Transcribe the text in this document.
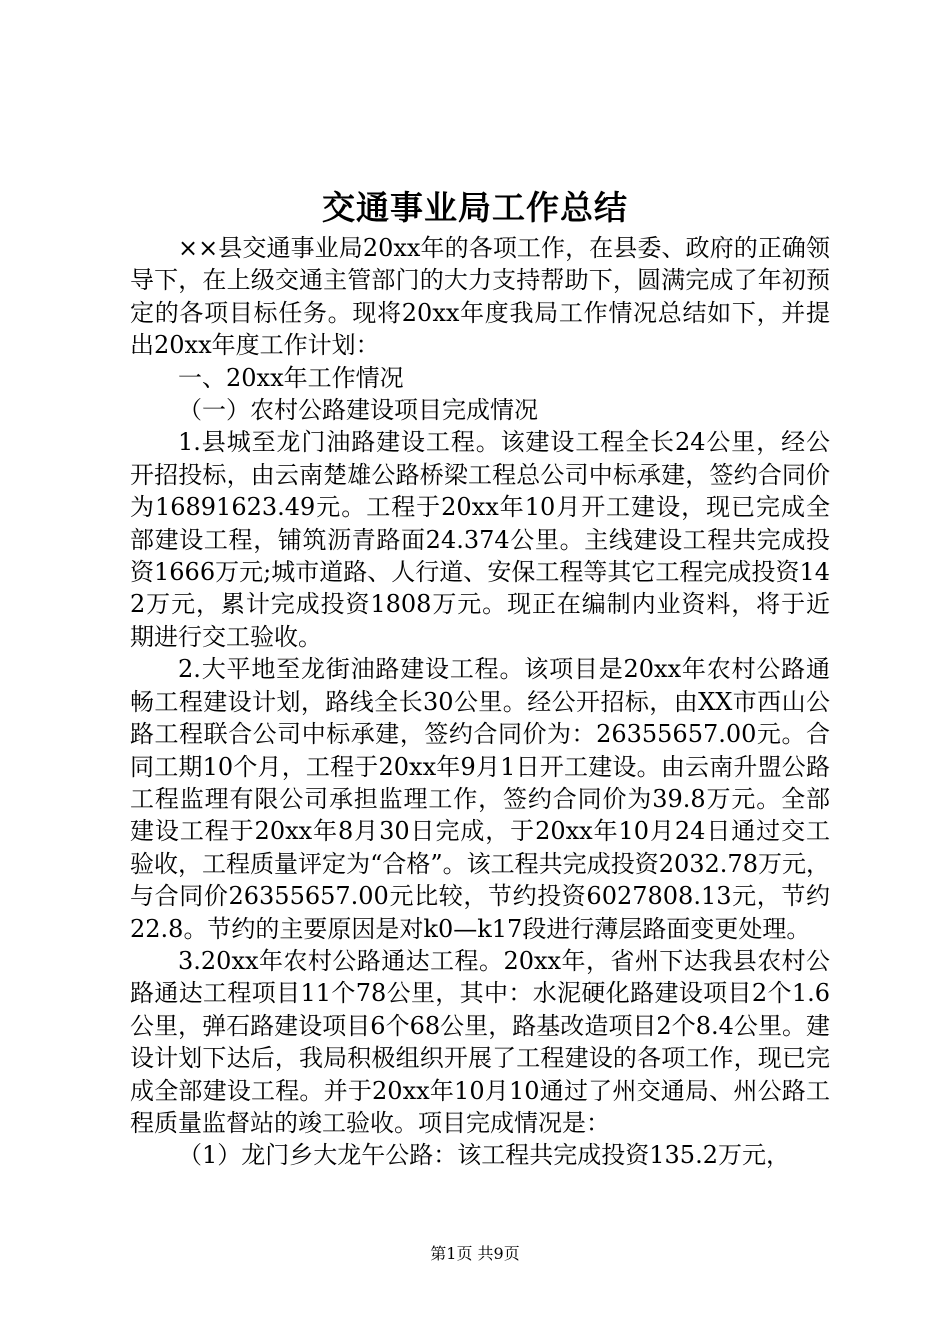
交通事业局工作总结

××县交通事业局20xx年的各项工作，在县委、政府的正确领导下，在上级交通主管部门的大力支持帮助下，圆满完成了年初预定的各项目标任务。现将20xx年度我局工作情况总结如下，并提出20xx年度工作计划：

一、20xx年工作情况

（一）农村公路建设项目完成情况

1.县城至龙门油路建设工程。该建设工程全长24公里，经公开招投标，由云南楚雄公路桥梁工程总公司中标承建，签约合同价为16891623.49元。工程于20xx年10月开工建设，现已完成全部建设工程，铺筑沥青路面24.374公里。主线建设工程共完成投资1666万元;城市道路、人行道、安保工程等其它工程完成投资142万元，累计完成投资1808万元。现正在编制内业资料，将于近期进行交工验收。

2.大平地至龙街油路建设工程。该项目是20xx年农村公路通畅工程建设计划，路线全长30公里。经公开招标，由XX市西山公路工程联合公司中标承建，签约合同价为：26355657.00元。合同工期10个月，工程于20xx年9月1日开工建设。由云南升盟公路工程监理有限公司承担监理工作，签约合同价为39.8万元。全部建设工程于20xx年8月30日完成，于20xx年10月24日通过交工验收，工程质量评定为“合格”。该工程共完成投资2032.78万元，与合同价26355657.00元比较，节约投资6027808.13元，节约22.8。节约的主要原因是对k0—k17段进行薄层路面变更处理。

3.20xx年农村公路通达工程。20xx年，省州下达我县农村公路通达工程项目11个78公里，其中：水泥硬化路建设项目2个1.6公里，弹石路建设项目6个68公里，路基改造项目2个8.4公里。建设计划下达后，我局积极组织开展了工程建设的各项工作，现已完成全部建设工程。并于20xx年10月10通过了州交通局、州公路工程质量监督站的竣工验收。项目完成情况是：

（1）龙门乡大龙午公路：该工程共完成投资135.2万元，

第1页 共9页
